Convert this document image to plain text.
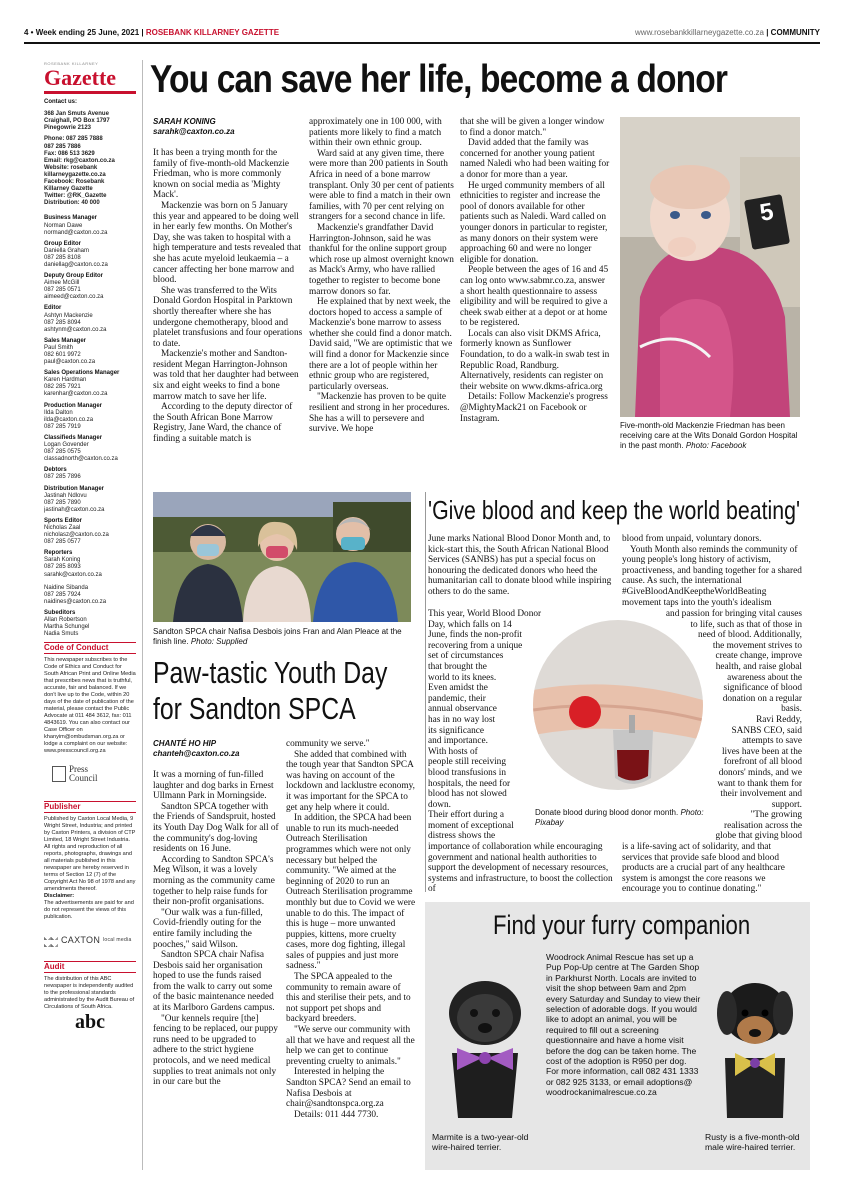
4 • Week ending 25 June, 2021 | ROSEBANK KILLARNEY GAZETTE	www.rosebankkillarneygazette.co.za | COMMUNITY
ROSEBANK KILLARNEY
Gazette
Contact us:
368 Jan Smuts Avenue
Craighall, PO Box 1797
Pinegowrie 2123
Phone: 087 285 7888
087 285 7886
Fax: 086 513 3629
Email: rkg@caxton.co.za
Website: rosebank
killarneygazette.co.za
Facebook: Rosebank
Killarney Gazette
Twitter: @RK_Gazette
Distribution: 40 000
Business Manager
Norman Dawe
normand@caxton.co.za
Group Editor
Daniella Graham
087 285 8108
daniellag@caxton.co.za
Deputy Group Editor
Aimee McGill
087 285 0571
aimeed@caxton.co.za
Editor
Ashtyn Mackenzie
087 285 8094
ashtynm@caxton.co.za
Sales Manager
Paul Smith
082 601 9972
paul@caxton.co.za
Sales Operations Manager
Karen Hardman
082 285 7921
karenhar@caxton.co.za
Production Manager
Ilda Dalton
ilda@caxton.co.za
087 285 7919
Classifieds Manager
Logan Govender
087 285 0575
classadnorth@caxton.co.za
Debtors
087 285 7896
Distribution Manager
Jastinah Ndlovu
087 285 7890
jastinah@caxton.co.za
Sports Editor
Nicholas Zaal
nicholasz@caxton.co.za
087 285 0577
Reporters
Sarah Koning
087 285 8093
sarahk@caxton.co.za
Naidine Sibanda
087 285 7924
naidines@caxton.co.za
Subeditors
Allan Robertson
Martha Schungel
Nadia Smuts
Code of Conduct
This newspaper subscribes to the Code of Ethics and Conduct for South African Print and Online Media that prescribes news that is truthful, accurate, fair and balanced. If we don't live up to the Code, within 20 days of the date of publication of the material, please contact the Public Advocate at 011 484 3612, fax: 011 4843619. You can also contact our Case Officer on khanyim@ombudsman.org.za or lodge a complaint on our website: www.presscouncil.org.za
Press
Council
Publisher
Published by Caxton Local Media, 9 Wright Street, Industria; and printed by Caxton Printers, a division of CTP Limited, 18 Wright Street Industria. All rights and reproduction of all reports, photographs, drawings and all materials published in this newspaper are hereby reserved in terms of Section 12 (7) of the Copyright Act No 98 of 1978 and any amendments thereof.
Disclaimer:
The advertisements are paid for and do not represent the views of this publication.
CAXTON
local media
Audit
The distribution of this ABC newspaper is independently audited to the professional standards administrated by the Audit Bureau of Circulations of South Africa.
abc
You can save her life, become a donor
SARAH KONING
sarahk@caxton.co.za

It has been a trying month for the family of five-month-old Mackenzie Friedman, who is more commonly known on social media as 'Mighty Mack'.

Mackenzie was born on 5 January this year and appeared to be doing well in her early few months. On Mother's Day, she was taken to hospital with a high temperature and tests revealed that she has acute myeloid leukaemia – a cancer affecting her bone marrow and blood.

She was transferred to the Wits Donald Gordon Hospital in Parktown shortly thereafter where she has undergone chemotherapy, blood and platelet transfusions and four operations to date.

Mackenzie's mother and Sandton-resident Megan Harrington-Johnson was told that her daughter had between six and eight weeks to find a bone marrow match to save her life.

According to the deputy director of the South African Bone Marrow Registry, Jane Ward, the chance of finding a suitable match is

approximately one in 100 000, with patients more likely to find a match within their own ethnic group.

Ward said at any given time, there were more than 200 patients in South Africa in need of a bone marrow transplant. Only 30 per cent of patients were able to find a match in their own families, with 70 per cent relying on strangers for a second chance in life.

Mackenzie's grandfather David Harrington-Johnson, said he was thankful for the online support group which rose up almost overnight known as Mack's Army, who have rallied together to register to become bone marrow donors so far.

He explained that by next week, the doctors hoped to access a sample of Mackenzie's bone marrow to assess whether she could find a donor match. David said, "We are optimistic that we will find a donor for Mackenzie since there are a lot of people within her ethnic group who are registered, particularly overseas.

"Mackenzie has proven to be quite resilient and strong in her procedures. She has a will to persevere and survive. We hope

that she will be given a longer window to find a donor match."

David added that the family was concerned for another young patient named Naledi who had been waiting for a donor for more than a year.

He urged community members of all ethnicities to register and increase the pool of donors available for other patients such as Naledi. Ward called on younger donors in particular to register, as many donors on their system were approaching 60 and were no longer eligible for donation.

People between the ages of 16 and 45 can log onto www.sabmr.co.za, answer a short health questionnaire to assess eligibility and will be required to give a cheek swab either at a depot or at home to be registered.

Locals can also visit DKMS Africa, formerly known as Sunflower Foundation, to do a walk-in swab test in Republic Road, Randburg. Alternatively, residents can register on their website on www.dkms-africa.org

Details: Follow Mackenzie's progress @MightyMack21 on Facebook or Instagram.

5
Five-month-old Mackenzie Friedman has been receiving care at the Wits Donald Gordon Hospital in the past month. Photo: Facebook
Sandton SPCA chair Nafisa Desbois joins Fran and Alan Pleace at the finish line. Photo: Supplied
Paw-tastic Youth Day
for Sandton SPCA
CHANTÉ HO HIP
chanteh@caxton.co.za

It was a morning of fun-filled laughter and dog barks in Ernest Ullmann Park in Morningside.

Sandton SPCA together with the Friends of Sandspruit, hosted its Youth Day Dog Walk for all of the community's dog-loving residents on 16 June.

According to Sandton SPCA's Meg Wilson, it was a lovely morning as the community came together to help raise funds for their non-profit organisations.

"Our walk was a fun-filled, Covid-friendly outing for the entire family including the pooches," said Wilson.

Sandton SPCA chair Nafisa Desbois said her organisation hoped to use the funds raised from the walk to carry out some of the basic maintenance needed at its Marlboro Gardens campus.

"Our kennels require [the] fencing to be replaced, our puppy runs need to be upgraded to adhere to the strict hygiene protocols, and we need medical supplies to treat animals not only in our care but the

community we serve."

She added that combined with the tough year that Sandton SPCA was having on account of the lockdown and lacklustre economy, it was important for the SPCA to get any help where it could.

In addition, the SPCA had been unable to run its much-needed Outreach Sterilisation programmes which were not only necessary but helped the community. "We aimed at the beginning of 2020 to run an Outreach Sterilisation programme monthly but due to Covid we were unable to do this. The impact of this is huge – more unwanted puppies, kittens, more cruelty cases, more dog fighting, illegal sales of puppies and just more sadness."

The SPCA appealed to the community to remain aware of this and sterilise their pets, and to not support pet shops and backyard breeders.

"We serve our community with all that we have and request all the help we can get to continue preventing cruelty to animals."

Interested in helping the Sandton SPCA? Send an email to Nafisa Desbois at chair@sandtonspca.org.za

Details: 011 444 7730.

'Give blood and keep the world beating'

June marks National Blood Donor Month and, to kick-start this, the South African National Blood Services (SANBS) has put a special focus on honouring the dedicated donors who heed the humanitarian call to donate blood while inspiring others to do the same.

This year, World Blood Donor
Day, which falls on 14
June, finds the non-profit
recovering from a unique
set of circumstances
that brought the
world to its knees.
Even amidst the
pandemic, their
annual observance
has in no way lost
its significance
and importance.
With hosts of
people still receiving
blood transfusions in
hospitals, the need for
blood has not slowed
down.
Their effort during a
moment of exceptional
distress shows the

importance of collaboration while encouraging government and national health authorities to support the development of necessary resources, systems and infrastructure, to boost the collection of

blood from unpaid, voluntary donors.

Youth Month also reminds the community of young people's long history of activism, proactiveness, and banding together for a shared cause. As such, the international #GiveBloodAndKeeptheWorldBeating movement taps into the youth's idealism

and passion for bringing vital causes
to life, such as that of those in
need of blood. Additionally,
the movement strives to
create change, improve
health, and raise global
awareness about the
significance of blood
donation on a regular
basis.
Ravi Reddy,
SANBS CEO, said
attempts to save
lives have been at the
forefront of all blood
donors' minds, and we
want to thank them for
their involvement and
support.
"The growing
realisation across the
globe that giving blood

is a life-saving act of solidarity, and that services that provide safe blood and blood products are a crucial part of any healthcare system is amongst the core reasons we encourage you to continue donating."

Donate blood during blood donor month. Photo: Pixabay
Find your furry companion
Marmite is a two-year-old wire-haired terrier.
Woodrock Animal Rescue has set up a Pup Pop-Up centre at The Garden Shop in Parkhurst North. Locals are invited to visit the shop between 9am and 2pm every Saturday and Sunday to view their selection of adorable dogs. If you would like to adopt an animal, you will be required to fill out a screening questionnaire and have a home visit before the dog can be taken home. The cost of the adoption is R950 per dog.
For more information, call 082 431 1333 or 082 925 3133, or email adoptions@ woodrockanimalrescue.co.za
Rusty is a five-month-old male wire-haired terrier.
